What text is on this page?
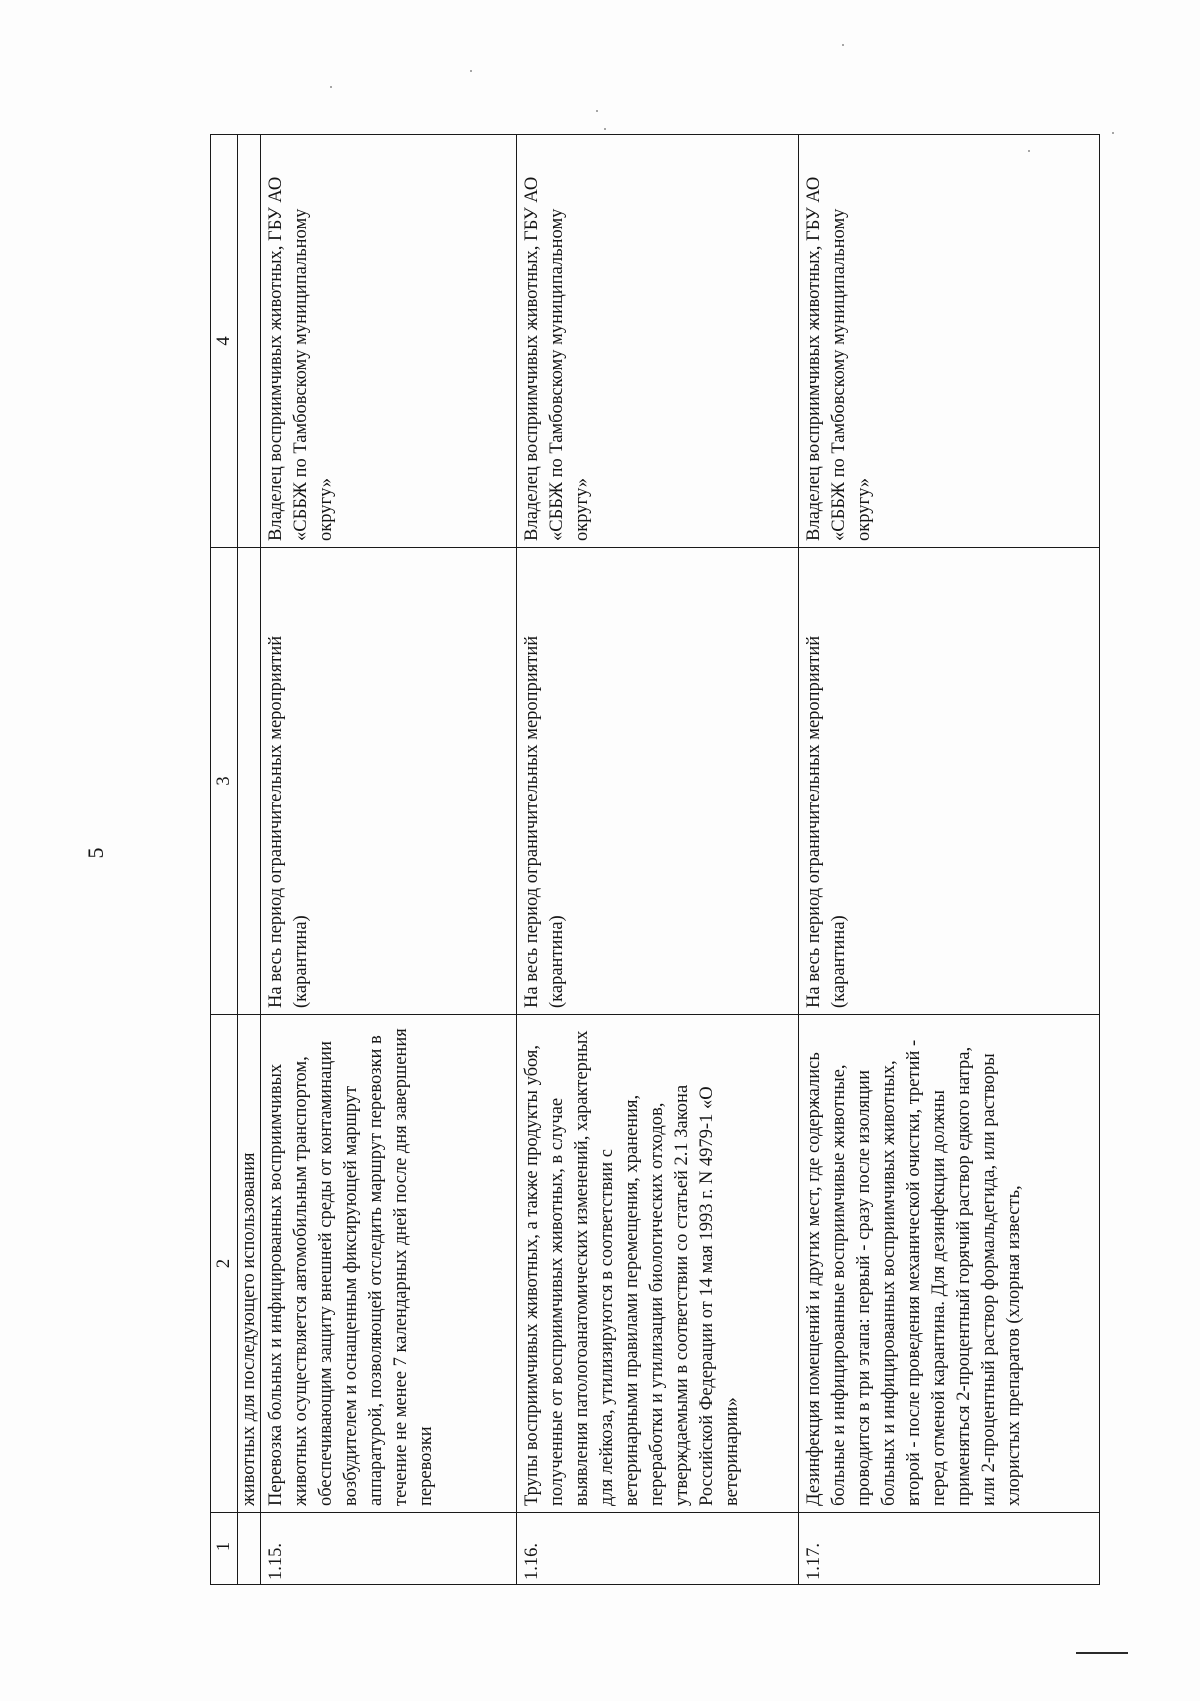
5
1	2	3	4
	животных для последующего использования		
1.15.	Перевозка больных и инфицированных восприимчивых животных осуществляется автомобильным транспортом, обеспечивающим защиту внешней среды от контаминации возбудителем и оснащенным фиксирующей маршрут аппаратурой, позволяющей отследить маршрут перевозки в течение не менее 7 календарных дней после дня завершения перевозки	На весь период ограничительных мероприятий (карантина)	Владелец восприимчивых животных, ГБУ АО «СББЖ по Тамбовскому муниципальному округу»
1.16.	Трупы восприимчивых животных, а также продукты убоя, полученные от восприимчивых животных, в случае выявления патологоанатомических изменений, характерных для лейкоза, утилизируются в соответствии с ветеринарными правилами перемещения, хранения, переработки и утилизации биологических отходов, утверждаемыми в соответствии со статьей 2.1 Закона Российской Федерации от 14 мая 1993 г. N 4979-1 «О ветеринарии»	На весь период ограничительных мероприятий (карантина)	Владелец восприимчивых животных, ГБУ АО «СББЖ по Тамбовскому муниципальному округу»
1.17.	Дезинфекция помещений и других мест, где содержались больные и инфицированные восприимчивые животные, проводится в три этапа: первый - сразу после изоляции больных и инфицированных восприимчивых животных, второй - после проведения механической очистки, третий - перед отменой карантина. Для дезинфекции должны применяться 2-процентный горячий раствор едкого натра, или 2-процентный раствор формальдегида, или растворы хлористых препаратов (хлорная известь,	На весь период ограничительных мероприятий (карантина)	Владелец восприимчивых животных, ГБУ АО «СББЖ по Тамбовскому муниципальному округу»
